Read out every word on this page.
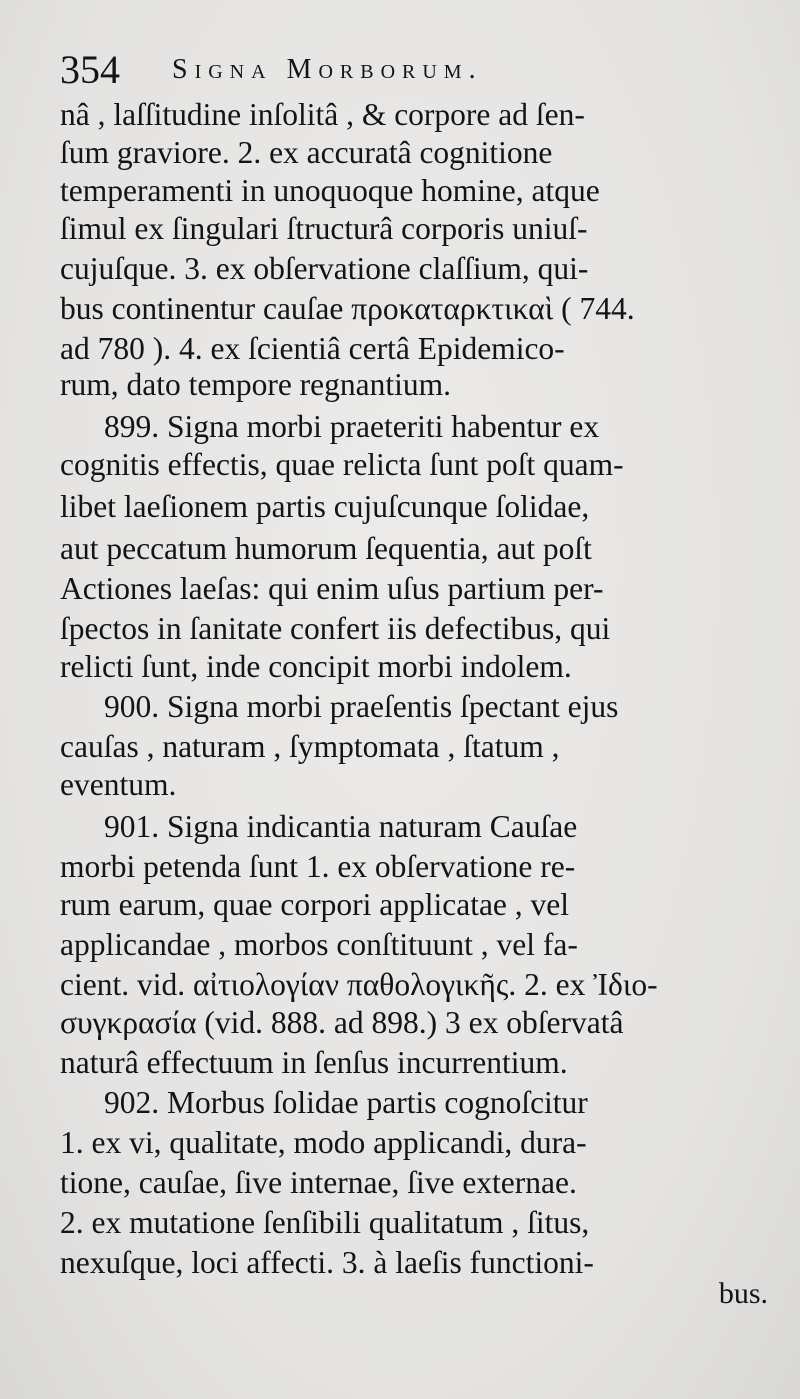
354 Signa Morborum.
nâ , laſſitudine inſolitâ , & corpore ad ſen-
ſum graviore. 2. ex accuratâ cognitione
temperamenti in unoquoque homine, atque
ſimul ex ſingulari ſtructurâ corporis uniuſ-
cujuſque. 3. ex obſervatione claſſium, qui-
bus continentur cauſae προκαταρκτικαὶ ( 744.
ad 780 ). 4. ex ſcientiâ certâ Epidemico-
rum, dato tempore regnantium.
899. Signa morbi praeteriti habentur ex
cognitis effectis, quae relicta ſunt poſt quam-
libet laeſionem partis cujuſcunque ſolidae,
aut peccatum humorum ſequentia, aut poſt
Actiones laeſas: qui enim uſus partium per-
ſpectos in ſanitate confert iis defectibus, qui
relicti ſunt, inde concipit morbi indolem.
900. Signa morbi praeſentis ſpectant ejus
cauſas , naturam , ſymptomata , ſtatum ,
eventum.
901. Signa indicantia naturam Cauſae
morbi petenda ſunt 1. ex obſervatione re-
rum earum, quae corpori applicatae , vel
applicandae , morbos conſtituunt , vel fa-
cient. vid. αἰτιολογίαν παθολογικῆς. 2. ex Ἰδιο-
συγκρασία (vid. 888. ad 898.) 3 ex obſervatâ
naturâ effectuum in ſenſus incurrentium.
902. Morbus ſolidae partis cognoſcitur
1. ex vi, qualitate, modo applicandi, dura-
tione, cauſae, ſive internae, ſive externae.
2. ex mutatione ſenſibili qualitatum , ſitus,
nexuſque, loci affecti. 3. à laeſis functioni-
bus.
